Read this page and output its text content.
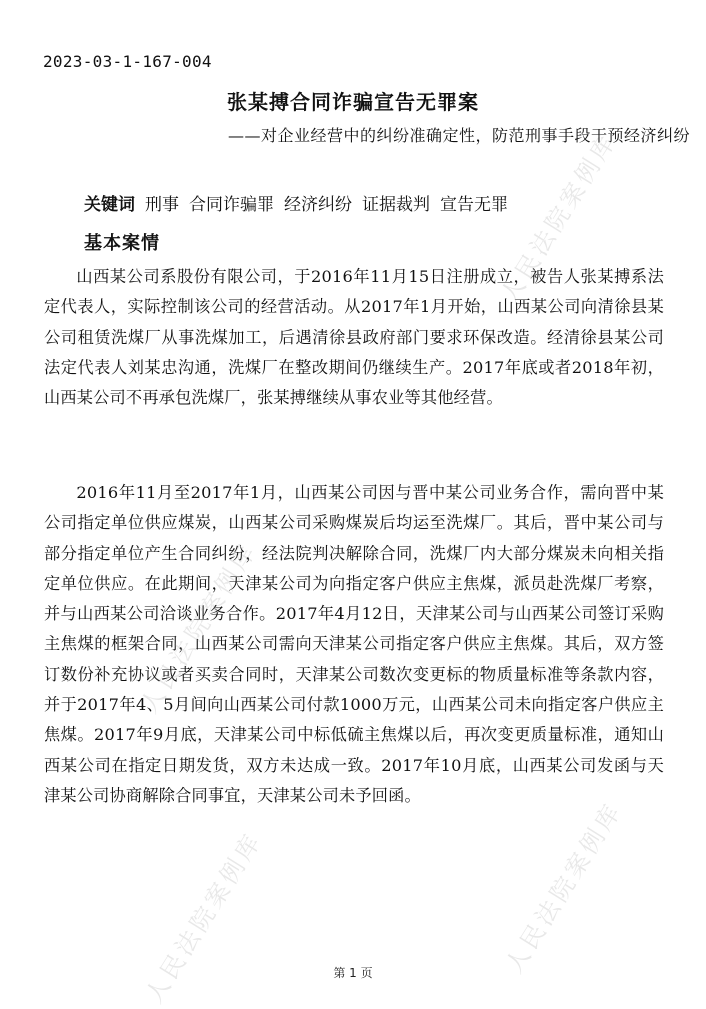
2023-03-1-167-004
张某搏合同诈骗宣告无罪案
——对企业经营中的纠纷准确定性，防范刑事手段干预经济纠纷
关键词 刑事 合同诈骗罪 经济纠纷 证据裁判 宣告无罪
基本案情

山西某公司系股份有限公司，于2016年11月15日注册成立，被告人张某搏系法定代表人，实际控制该公司的经营活动。从2017年1月开始，山西某公司向清徐县某公司租赁洗煤厂从事洗煤加工，后遇清徐县政府部门要求环保改造。经清徐县某公司法定代表人刘某忠沟通，洗煤厂在整改期间仍继续生产。2017年底或者2018年初，山西某公司不再承包洗煤厂，张某搏继续从事农业等其他经营。

2016年11月至2017年1月，山西某公司因与晋中某公司业务合作，需向晋中某公司指定单位供应煤炭，山西某公司采购煤炭后均运至洗煤厂。其后，晋中某公司与部分指定单位产生合同纠纷，经法院判决解除合同，洗煤厂内大部分煤炭未向相关指定单位供应。在此期间，天津某公司为向指定客户供应主焦煤，派员赴洗煤厂考察，并与山西某公司洽谈业务合作。2017年4月12日，天津某公司与山西某公司签订采购主焦煤的框架合同，山西某公司需向天津某公司指定客户供应主焦煤。其后，双方签订数份补充协议或者买卖合同时，天津某公司数次变更标的物质量标准等条款内容，并于2017年4、5月间向山西某公司付款1000万元，山西某公司未向指定客户供应主焦煤。2017年9月底，天津某公司中标低硫主焦煤以后，再次变更质量标准，通知山西某公司在指定日期发货，双方未达成一致。2017年10月底，山西某公司发函与天津某公司协商解除合同事宜，天津某公司未予回函。

第 1 页
人民法院案例库
人民法院案例库
人民法院案例库
人民法院案例库
